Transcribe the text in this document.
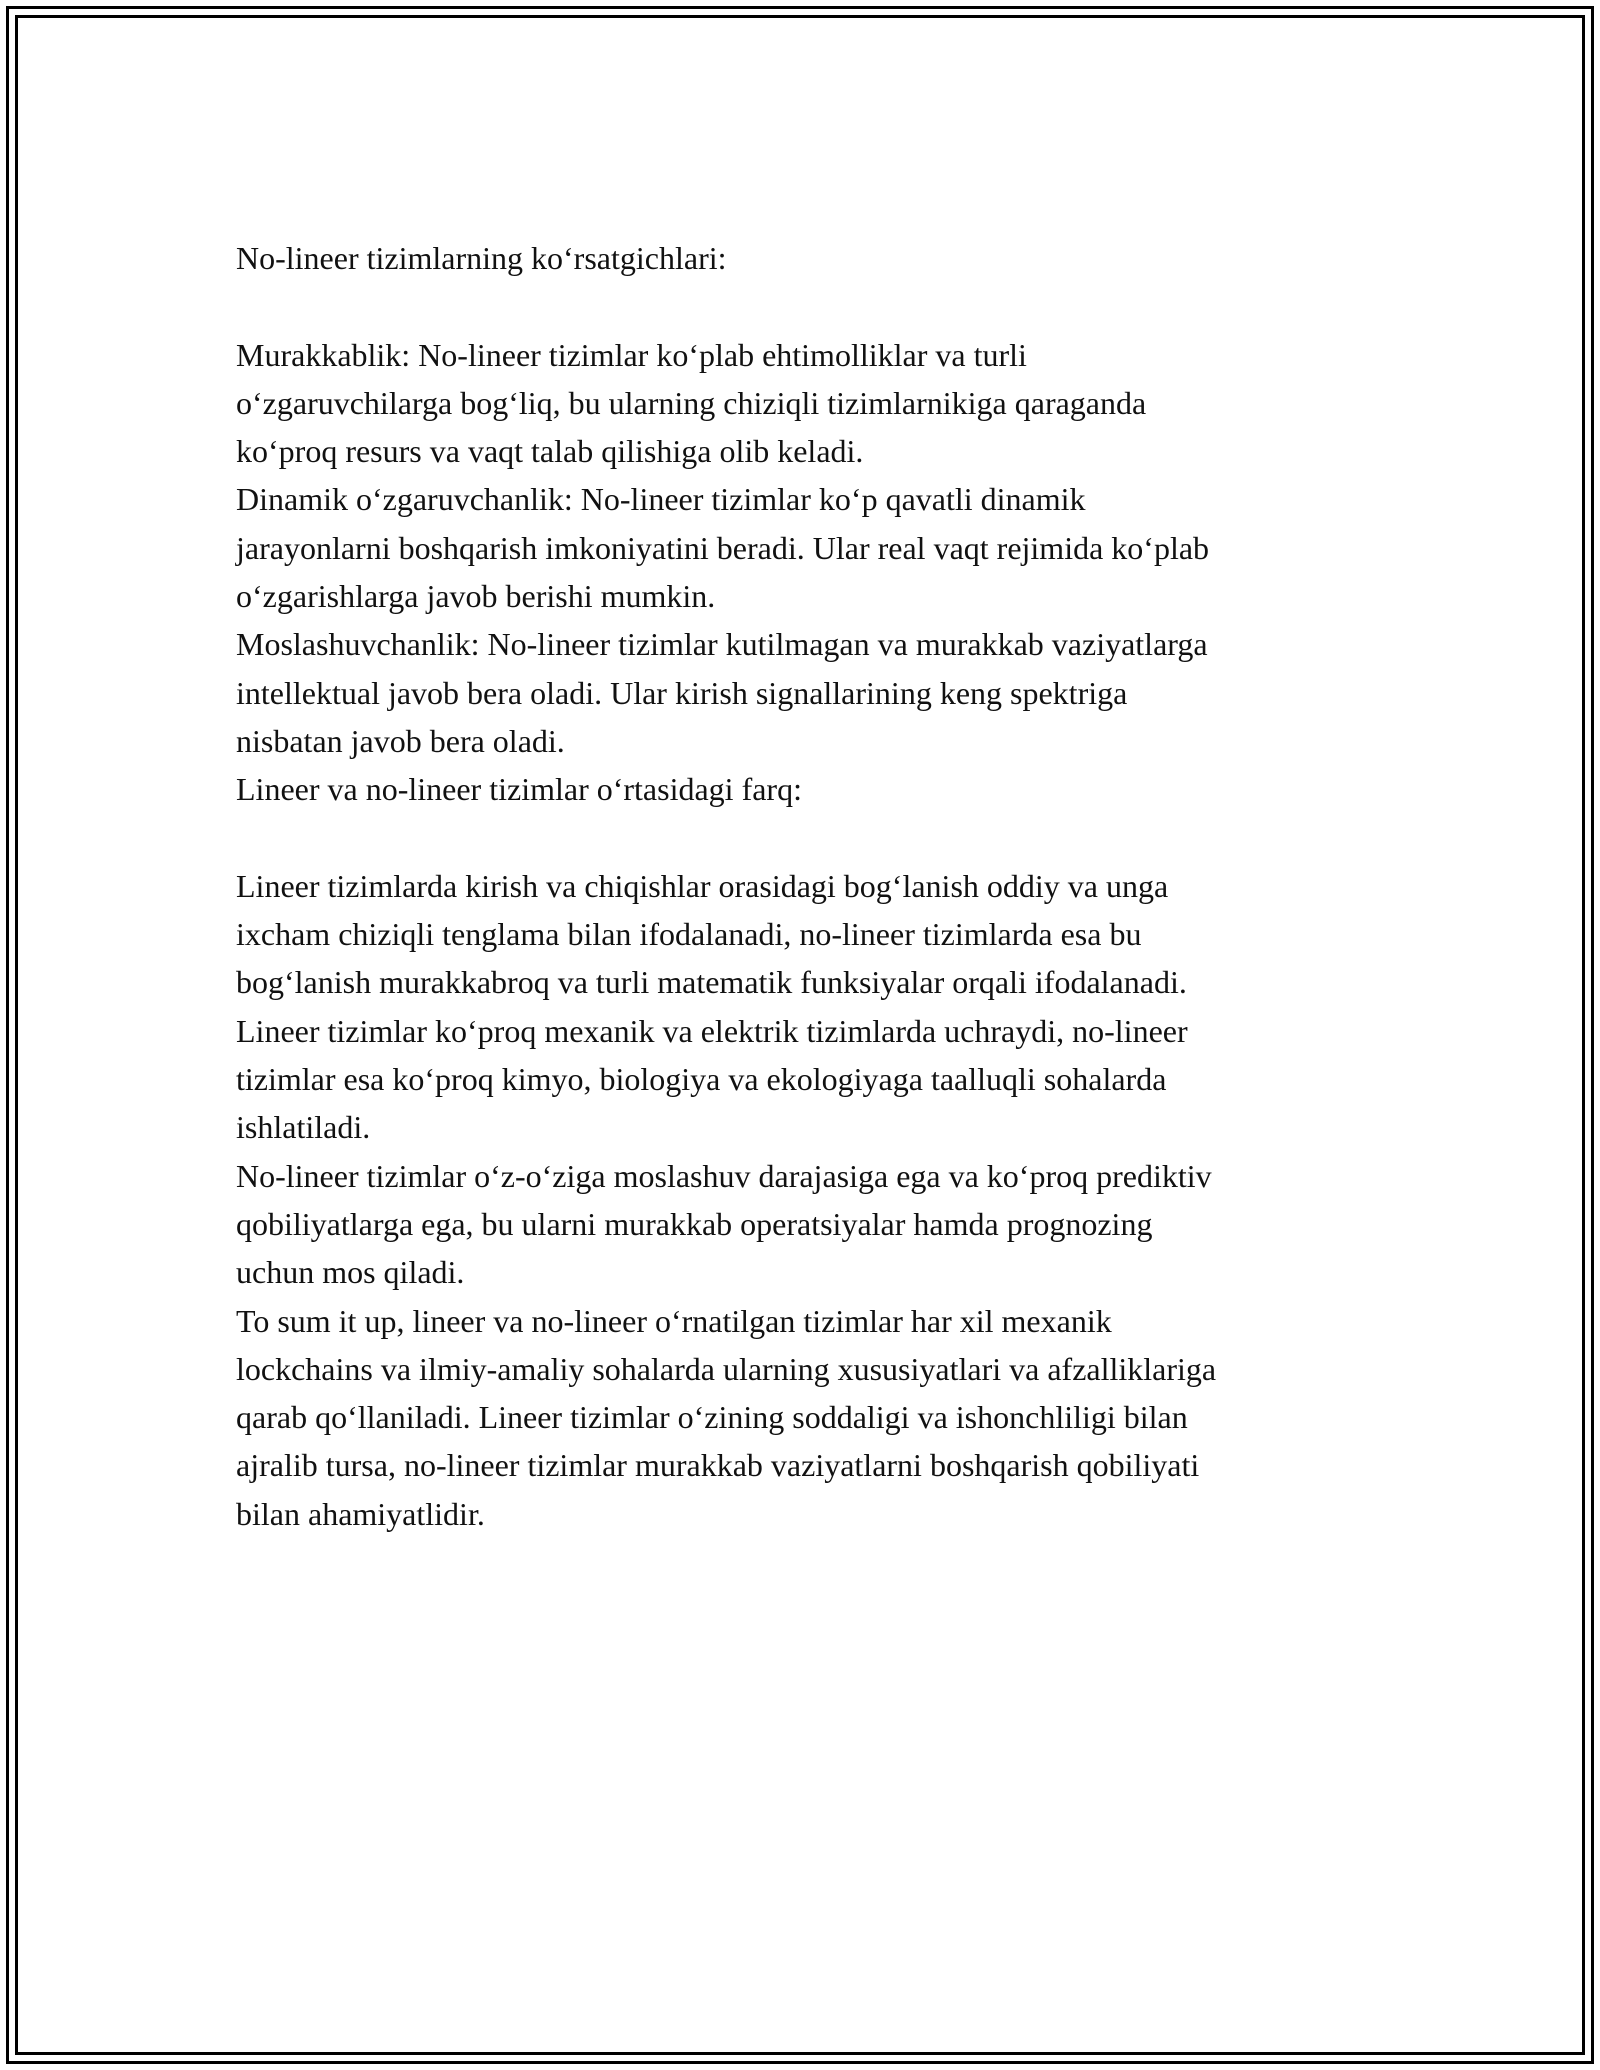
No-lineer tizimlarning ko‘rsatgichlari:

Murakkablik: No-lineer tizimlar ko‘plab ehtimolliklar va turli

o‘zgaruvchilarga bog‘liq, bu ularning chiziqli tizimlarnikiga qaraganda

ko‘proq resurs va vaqt talab qilishiga olib keladi.

Dinamik o‘zgaruvchanlik: No-lineer tizimlar ko‘p qavatli dinamik

jarayonlarni boshqarish imkoniyatini beradi. Ular real vaqt rejimida ko‘plab

o‘zgarishlarga javob berishi mumkin.

Moslashuvchanlik: No-lineer tizimlar kutilmagan va murakkab vaziyatlarga

intellektual javob bera oladi. Ular kirish signallarining keng spektriga

nisbatan javob bera oladi.

Lineer va no-lineer tizimlar o‘rtasidagi farq:

Lineer tizimlarda kirish va chiqishlar orasidagi bog‘lanish oddiy va unga

ixcham chiziqli tenglama bilan ifodalanadi, no-lineer tizimlarda esa bu

bog‘lanish murakkabroq va turli matematik funksiyalar orqali ifodalanadi.

Lineer tizimlar ko‘proq mexanik va elektrik tizimlarda uchraydi, no-lineer

tizimlar esa ko‘proq kimyo, biologiya va ekologiyaga taalluqli sohalarda

ishlatiladi.

No-lineer tizimlar o‘z-o‘ziga moslashuv darajasiga ega va ko‘proq prediktiv

qobiliyatlarga ega, bu ularni murakkab operatsiyalar hamda prognozing

uchun mos qiladi.

To sum it up, lineer va no-lineer o‘rnatilgan tizimlar har xil mexanik

lockchains va ilmiy-amaliy sohalarda ularning xususiyatlari va afzalliklariga

qarab qo‘llaniladi. Lineer tizimlar o‘zining soddaligi va ishonchliligi bilan

ajralib tursa, no-lineer tizimlar murakkab vaziyatlarni boshqarish qobiliyati

bilan ahamiyatlidir.
